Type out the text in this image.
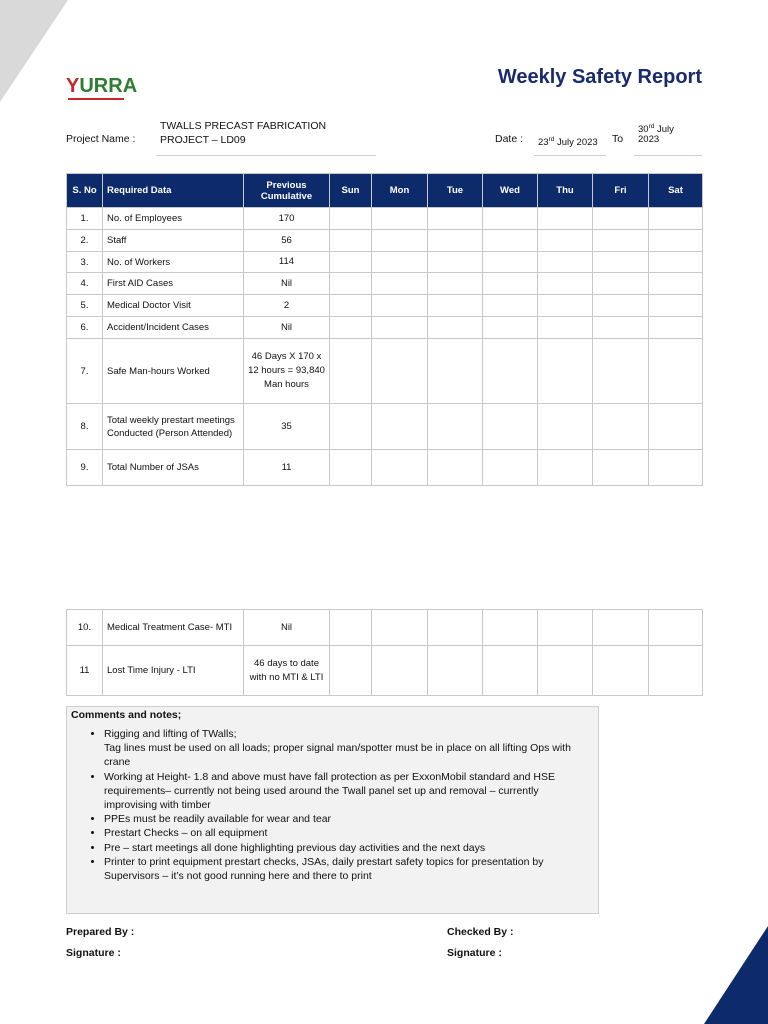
YURRA	Weekly Safety Report
Project Name :
TWALLS PRECAST FABRICATION
PROJECT – LD09	Date : 23rd July 2023 To
30rd July
2023
S. No	Required Data	Previous Cumulative	Sun	Mon	Tue	Wed	Thu	Fri	Sat
1.	No. of Employees	170							
2.	Staff	56							
3.	No. of Workers	114							
4.	First AID Cases	Nil							
5.	Medical Doctor Visit	2							
6.	Accident/Incident Cases	Nil							
7.	Safe Man-hours Worked	46 Days X 170 x 12 hours = 93,840 Man hours							
8.	Total weekly prestart meetings Conducted (Person Attended)	35							
9.	Total Number of JSAs	11							
10.	Medical Treatment Case- MTI	Nil							
11	Lost Time Injury - LTI	46 days to date with no MTI & LTI							
Comments and notes;
• Rigging and lifting of TWalls;
Tag lines must be used on all loads; proper signal man/spotter must be in place on all lifting Ops with crane
• Working at Height- 1.8 and above must have fall protection as per ExxonMobil standard and HSE requirements– currently not being used around the Twall panel set up and removal – currently improvising with timber
• PPEs must be readily available for wear and tear
• Prestart Checks – on all equipment
• Pre – start meetings all done highlighting previous day activities and the next days
• Printer to print equipment prestart checks, JSAs, daily prestart safety topics for presentation by Supervisors – it’s not good running here and there to print
Prepared By :
Signature :
Checked By :
Signature :
